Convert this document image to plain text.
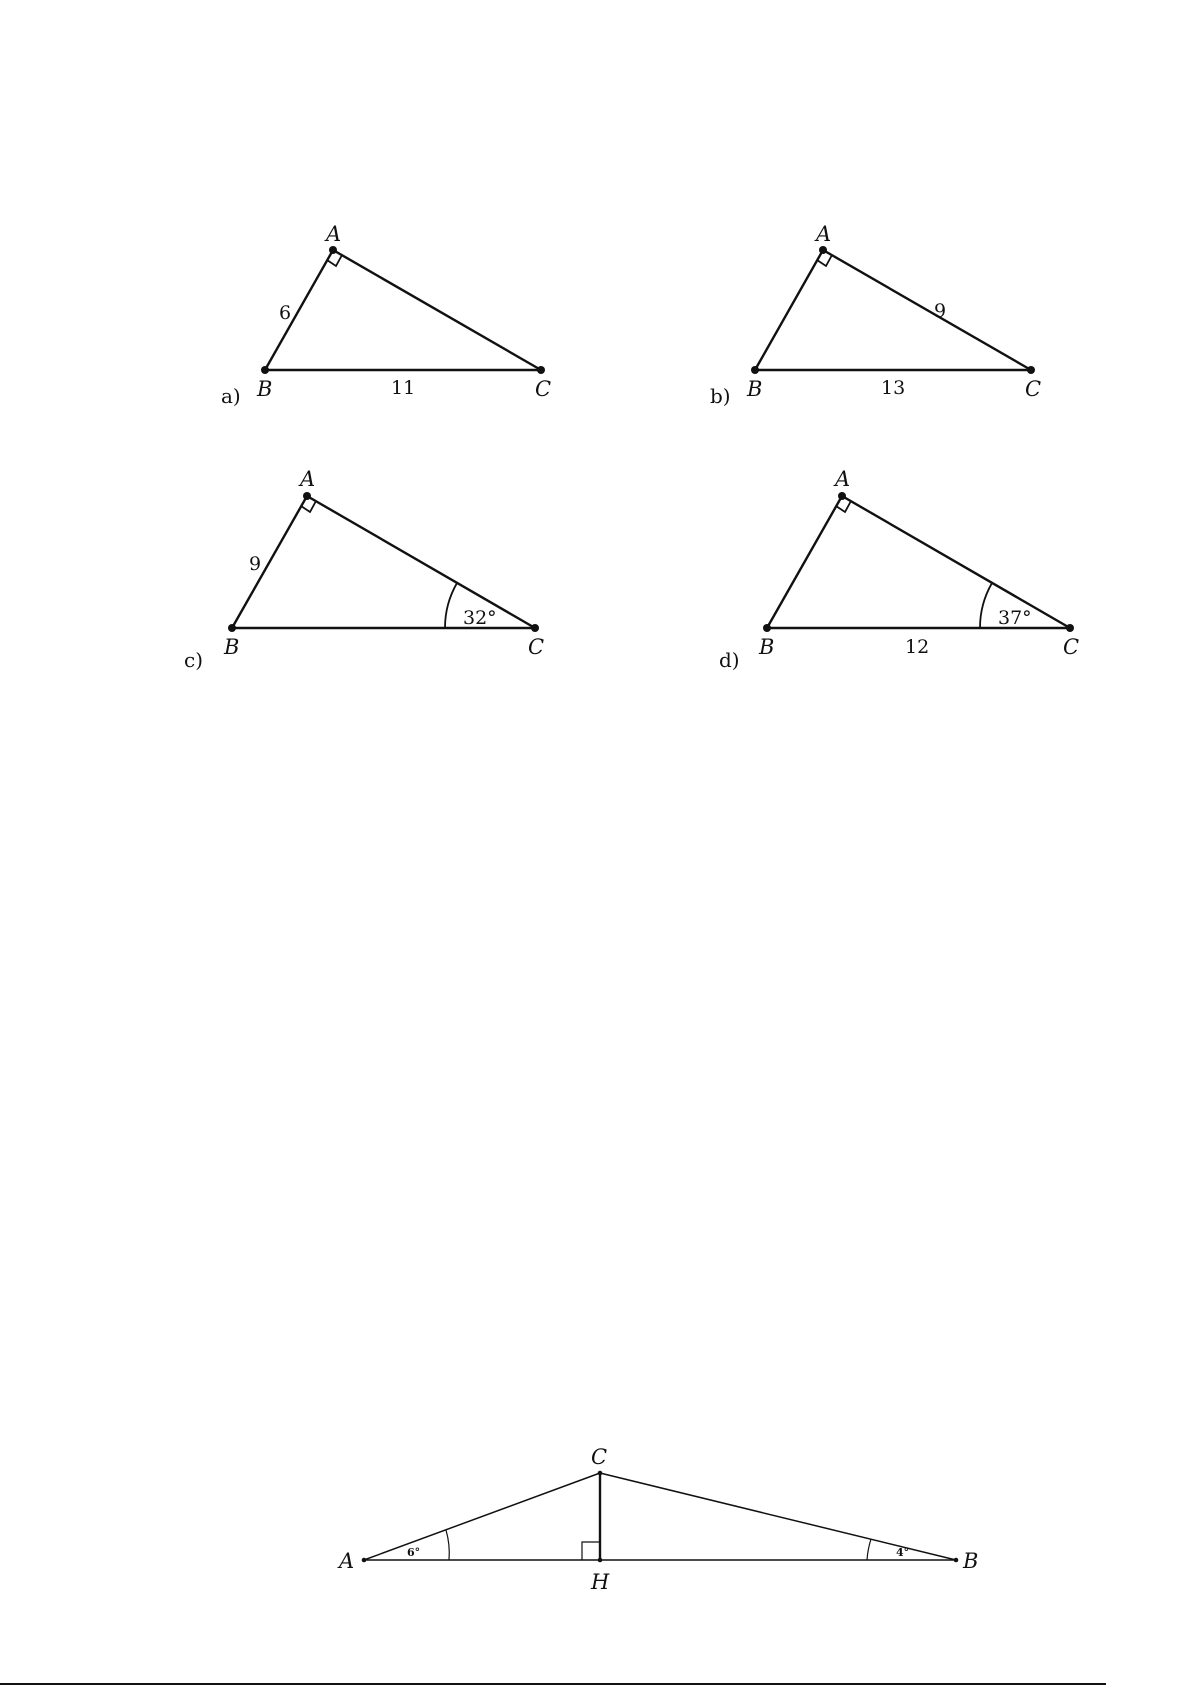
A
B	C
6
11
a)
A
B	C
9
13
b)
A
B	C
9
32°
c)
A
B	C
12
37°
d)
A	B
C
H
6°	4°
